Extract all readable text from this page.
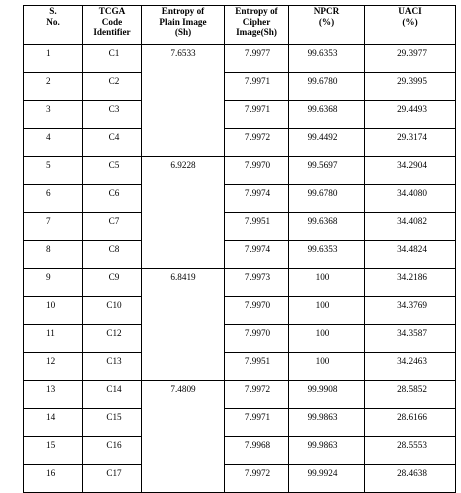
S.
No.	TCGA
Code
Identifier	Entropy of
Plain Image
(Sh)	Entropy of
Cipher
Image(Sh)	NPCR
(%)	UACI
(%)

1	C1	7.6533	7.9977	99.6353	29.3977
2	C2		7.9971	99.6780	29.3995
3	C3		7.9971	99.6368	29.4493
4	C4		7.9972	99.4492	29.3174
5	C5	6.9228	7.9970	99.5697	34.2904
6	C6		7.9974	99.6780	34.4080
7	C7		7.9951	99.6368	34.4082
8	C8		7.9974	99.6353	34.4824
9	C9	6.8419	7.9973	100	34.2186
10	C10		7.9970	100	34.3769
11	C12		7.9970	100	34.3587
12	C13		7.9951	100	34.2463
13	C14	7.4809	7.9972	99.9908	28.5852
14	C15		7.9971	99.9863	28.6166
15	C16		7.9968	99.9863	28.5553
16	C17		7.9972	99.9924	28.4638
